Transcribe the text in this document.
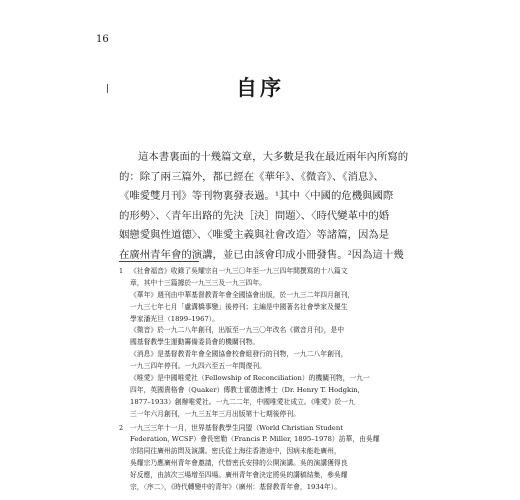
16
自序
這本書裏面的十幾篇文章，大多數是我在最近兩年內所寫的
的：除了兩三篇外，都已經在《華年》、《微音》、《消息》、
《唯愛雙月刊》等刊物裏發表過。¹其中〈中國的危機與國際
的形勢〉、〈青年出路的先決［決］問題〉、〈時代變革中的婚
姻戀愛與性道德〉、〈唯愛主義與社會改造〉等諸篇，因為是
在廣州青年會的演講，並已由該會印成小冊發售。²因為這十幾
1	《社會福音》收錄了吳耀宗自一九三〇年至一九三四年間撰寫的十八篇文
章，其中十三篇據於一九三三及一九三四年。
《華年》週刊由中華基督教青年會全國協會出版，於一九三二年四月創刊，
一九三七年七月「盧溝橋事變」後停刊；主編是中國著名社會學家及優生
學家潘光旦（1899–1967）。
《微音》於一九二八年創刊，出版至一九三〇年改名《微音月刊》，是中
國基督教學生運動籌備委員會的機關刊物。
《消息》是基督教青年會全國協會校會組發行的刊物，一九二八年創刊，
一九三四年停刊。一九四六至五一年間復刊。
《唯愛》是中國唯愛社（Fellowship of Reconciliation）的機關刊物，一九一
四年，英國貴格會（Quaker）傳教士霍德進博士（Dr. Henry T. Hodgkin,
1877–1933）創辦唯愛社。一九二二年，中國唯愛社成立。《唯愛》於一九
三一年六月創刊，一九三五年三月出版第十七期後停刊。
2	一九三三年十一月，世界基督教學生同盟（World Christian Student
Federation, WCSF）會長密勒（Francis P. Miller, 1895–1978）訪華，由吳耀
宗陪同往廣州訪問及演講。密氏從上海往香港途中，因病未能赴廣州，
吳耀宗乃應廣州青年會邀請，代替密氏安排的公開演講。吳的演講獲得良
好反應，由該次三場增至四場。廣州青年會決定將吳的講稿結集，參吳耀
宗，〈序二〉，《時代轉變中的青年》（廣州：基督教青年會，1934年）。
